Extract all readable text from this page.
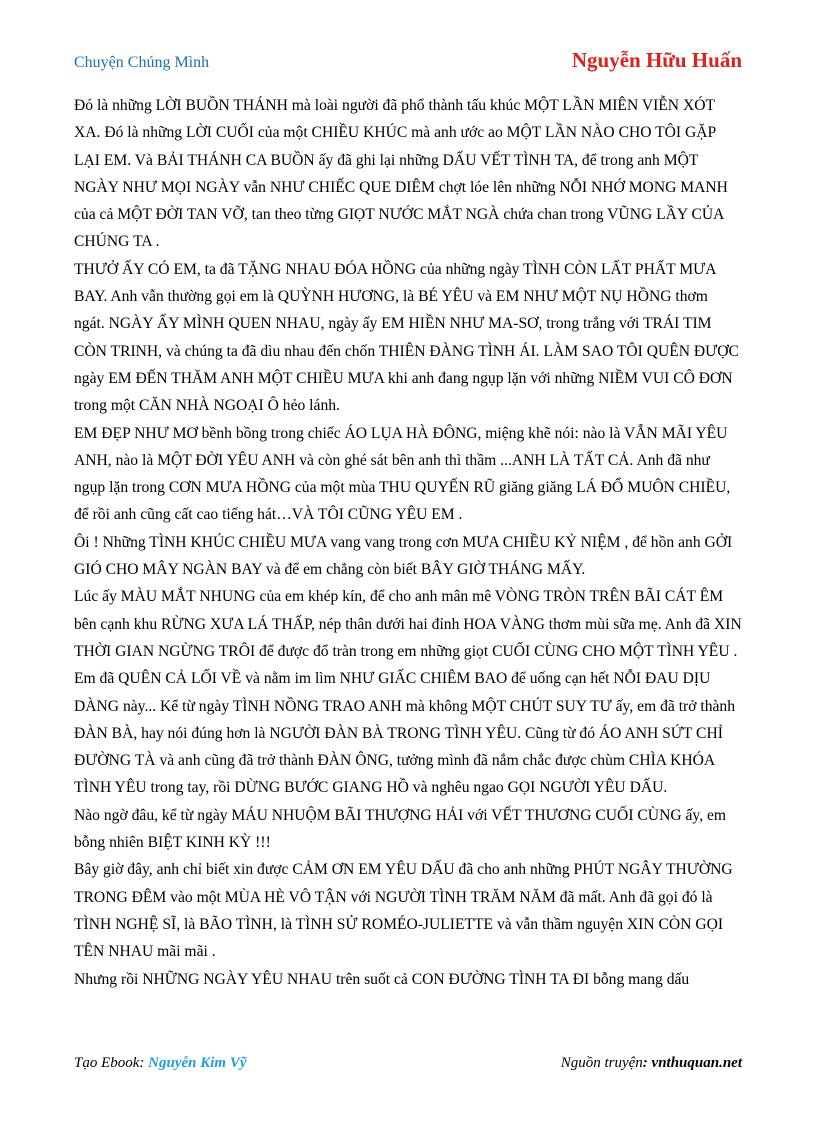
Chuyện Chúng Mình	Nguyễn Hữu Huấn

Đó là những LỜI BUỒN THÁNH mà loài người đã phổ thành tấu khúc MỘT LẦN MIÊN VIỄN XÓT XA. Đó là những LỜI CUỐI của một CHIỀU KHÚC mà anh ước ao MỘT LẦN NÀO CHO TÔI GẶP LẠI EM. Và BẢI THÁNH CA BUỒN ấy đã ghi lại những DẤU VẾT TÌNH TA, để trong anh MỘT NGÀY NHƯ MỌI NGÀY vẫn NHƯ CHIẾC QUE DIÊM chợt lóe lên những NỖI NHỚ MONG MANH của cả MỘT ĐỜI TAN VỠ, tan theo từng GIỌT NƯỚC MẮT NGÀ chứa chan trong VŨNG LẦY CỦA CHÚNG TA .

THƯỞ ẤY CÓ EM, ta đã TẶNG NHAU ĐÓA HỒNG của những ngày TÌNH CÒN LẤT PHẤT MƯA BAY. Anh vẫn thường gọi em là QUỲNH HƯƠNG, là BÉ YÊU và EM NHƯ MỘT NỤ HỒNG thơm ngát. NGÀY ẤY MÌNH QUEN NHAU, ngày ấy EM HIỀN NHƯ MA-SƠ, trong trắng với TRÁI TIM CÒN TRINH, và chúng ta đã dìu nhau đến chốn THIÊN ĐÀNG TÌNH ÁI. LÀM SAO TÔI QUÊN ĐƯỢC ngày EM ĐẾN THĂM ANH MỘT CHIỀU MƯA khi anh đang ngụp lặn với những NIỀM VUI CÔ ĐƠN trong một CĂN NHÀ NGOẠI Ô hẻo lánh.

EM ĐẸP NHƯ MƠ bềnh bồng trong chiếc ÁO LỤA HÀ ĐÔNG, miệng khẽ nói: nào là VẪN MÃI YÊU ANH, nào là MỘT ĐỜI YÊU ANH và còn ghé sát bên anh thì thầm ...ANH LÀ TẤT CẢ. Anh đã như ngụp lặn trong CƠN MƯA HỒNG của một mùa THU QUYẾN RŨ giăng giăng LÁ ĐỔ MUÔN CHIỀU, để rồi anh cũng cất cao tiếng hát…VÀ TÔI CŨNG YÊU EM .

Ôi ! Những TÌNH KHÚC CHIỀU MƯA vang vang trong cơn MƯA CHIỀU KỶ NIỆM , để hồn anh GỞI GIÓ CHO MÂY NGÀN BAY và để em chẳng còn biết BÂY GIỜ THÁNG MẤY.

Lúc ấy MÀU MẮT NHUNG của em khép kín, để cho anh mân mê VÒNG TRÒN TRÊN BÃI CÁT ÊM bên cạnh khu RỪNG XƯA LÁ THẤP, nép thân dưới hai đỉnh HOA VÀNG thơm mùi sữa mẹ. Anh đã XIN THỜI GIAN NGỪNG TRÔI để được đổ tràn trong em những giọt CUỐI CÙNG CHO MỘT TÌNH YÊU . Em đã QUÊN CẢ LỐI VỀ và nằm im lìm NHƯ GIẤC CHIÊM BAO để uống cạn hết NỖI ĐAU DỊU DÀNG này... Kể từ ngày TÌNH NỒNG TRAO ANH mà không MỘT CHÚT SUY TƯ ấy, em đã trở thành ĐÀN BÀ, hay nói đúng hơn là NGƯỜI ĐÀN BÀ TRONG TÌNH YÊU. Cũng từ đó ÁO ANH SỨT CHỈ ĐƯỜNG TÀ và anh cũng đã trở thành ĐÀN ÔNG, tưởng mình đã nắm chắc được chùm CHÌA KHÓA TÌNH YÊU trong tay, rồi DỪNG BƯỚC GIANG HỒ và nghêu ngao GỌI NGƯỜI YÊU DẤU.

Nào ngờ đâu, kể từ ngày MÁU NHUỘM BÃI THƯỢNG HẢI với VẾT THƯƠNG CUỐI CÙNG ấy, em bỗng nhiên BIỆT KINH KỲ !!!

Bây giờ đây, anh chỉ biết xin được CẢM ƠN EM YÊU DẤU đã cho anh những PHÚT NGÂY THƯỜNG TRONG ĐÊM vào một MÙA HÈ VÔ TẬN với NGƯỜI TÌNH TRĂM NĂM đã mất. Anh đã gọi đó là TÌNH NGHỆ SĨ, là BÃO TÌNH, là TÌNH SỬ ROMÉO-JULIETTE và vẫn thầm nguyện XIN CÒN GỌI TÊN NHAU mãi mãi .

Nhưng rồi NHỮNG NGÀY YÊU NHAU trên suốt cả CON ĐƯỜNG TÌNH TA ĐI bỗng mang dấu

Tạo Ebook: Nguyễn Kim Vỹ	Nguồn truyện: vnthuquan.net
